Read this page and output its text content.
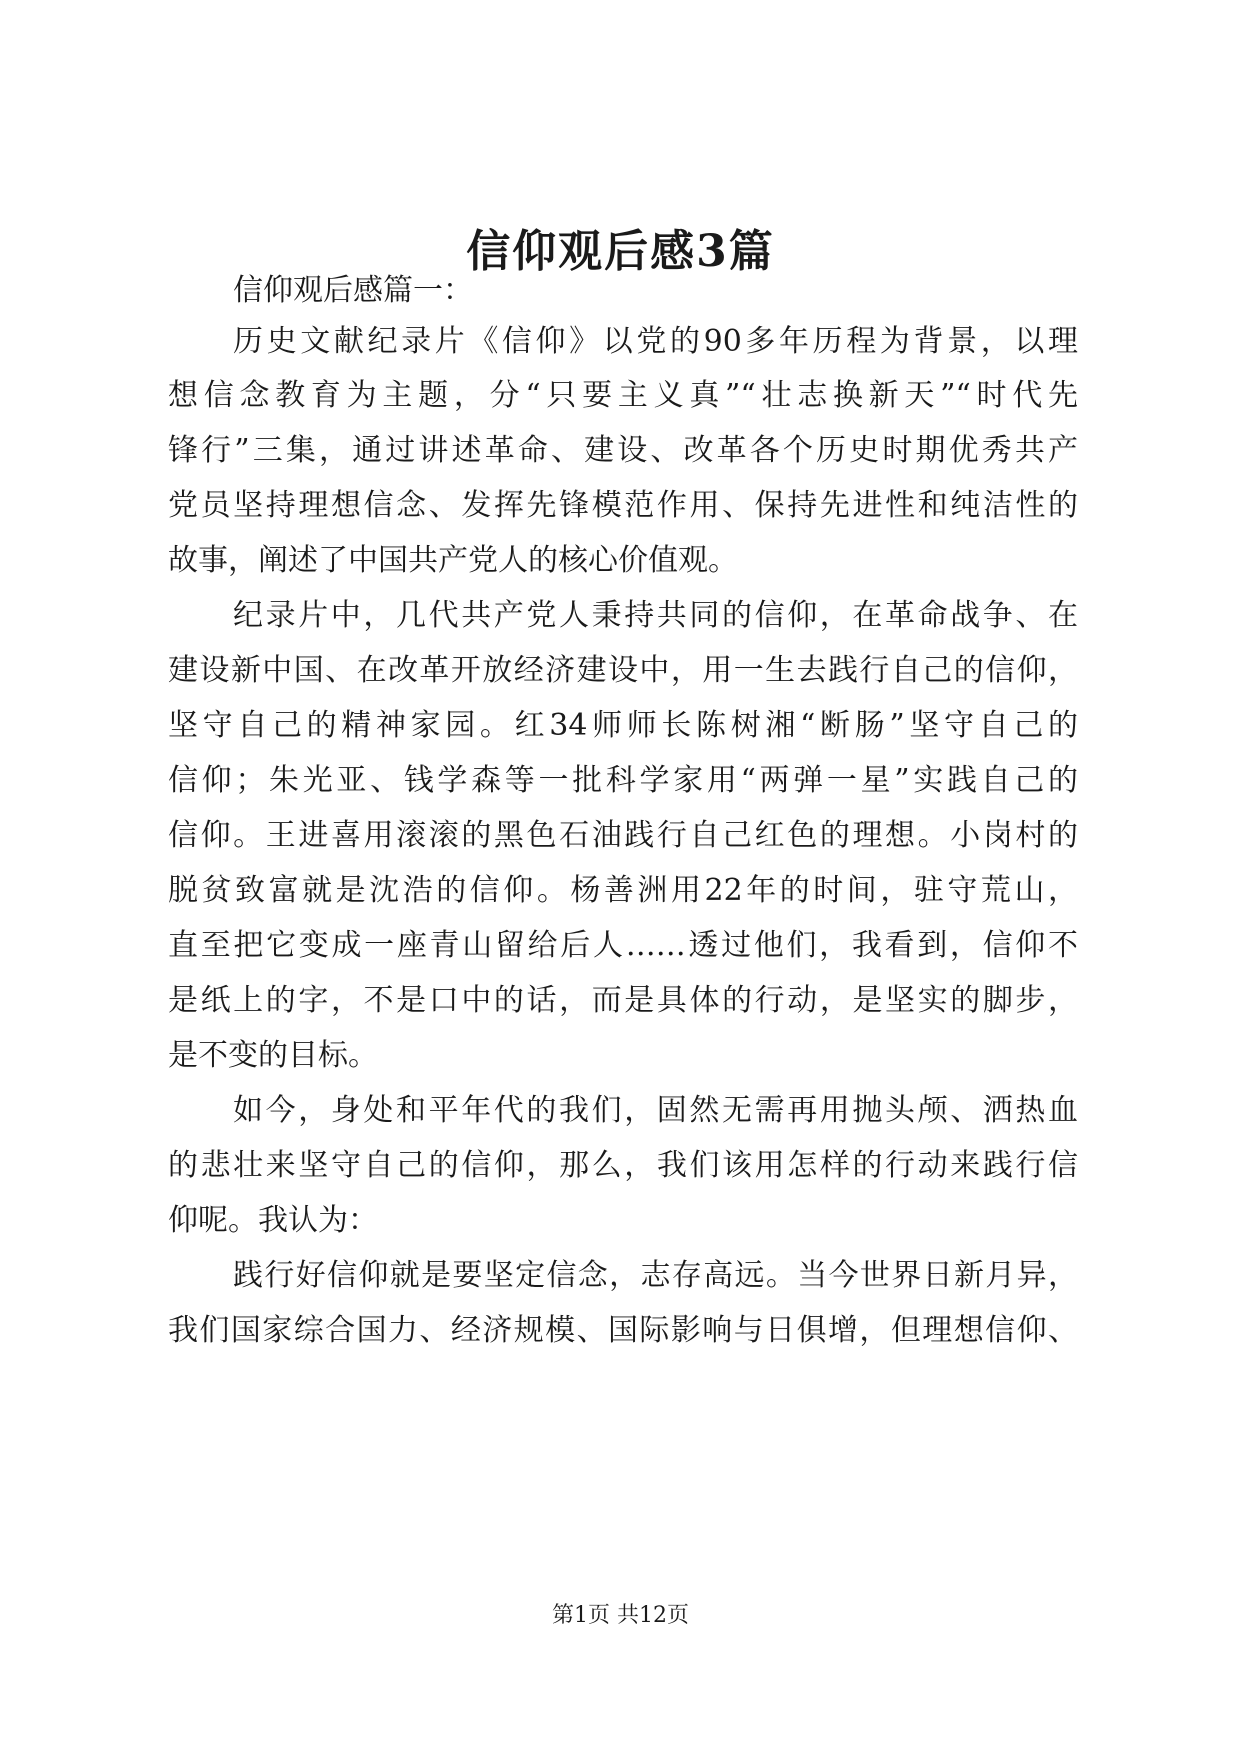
信仰观后感3篇
信仰观后感篇一：
历史文献纪录片《信仰》以党的90多年历程为背景，以理
想信念教育为主题，分“只要主义真”“壮志换新天”“时代先
锋行”三集，通过讲述革命、建设、改革各个历史时期优秀共产
党员坚持理想信念、发挥先锋模范作用、保持先进性和纯洁性的
故事，阐述了中国共产党人的核心价值观。
纪录片中，几代共产党人秉持共同的信仰，在革命战争、在
建设新中国、在改革开放经济建设中，用一生去践行自己的信仰，
坚守自己的精神家园。红34师师长陈树湘“断肠”坚守自己的
信仰；朱光亚、钱学森等一批科学家用“两弹一星”实践自己的
信仰。王进喜用滚滚的黑色石油践行自己红色的理想。小岗村的
脱贫致富就是沈浩的信仰。杨善洲用22年的时间，驻守荒山，
直至把它变成一座青山留给后人……透过他们，我看到，信仰不
是纸上的字，不是口中的话，而是具体的行动，是坚实的脚步，
是不变的目标。
如今，身处和平年代的我们，固然无需再用抛头颅、洒热血
的悲壮来坚守自己的信仰，那么，我们该用怎样的行动来践行信
仰呢。我认为：
践行好信仰就是要坚定信念，志存高远。当今世界日新月异，
我们国家综合国力、经济规模、国际影响与日俱增，但理想信仰、
第1页 共12页
